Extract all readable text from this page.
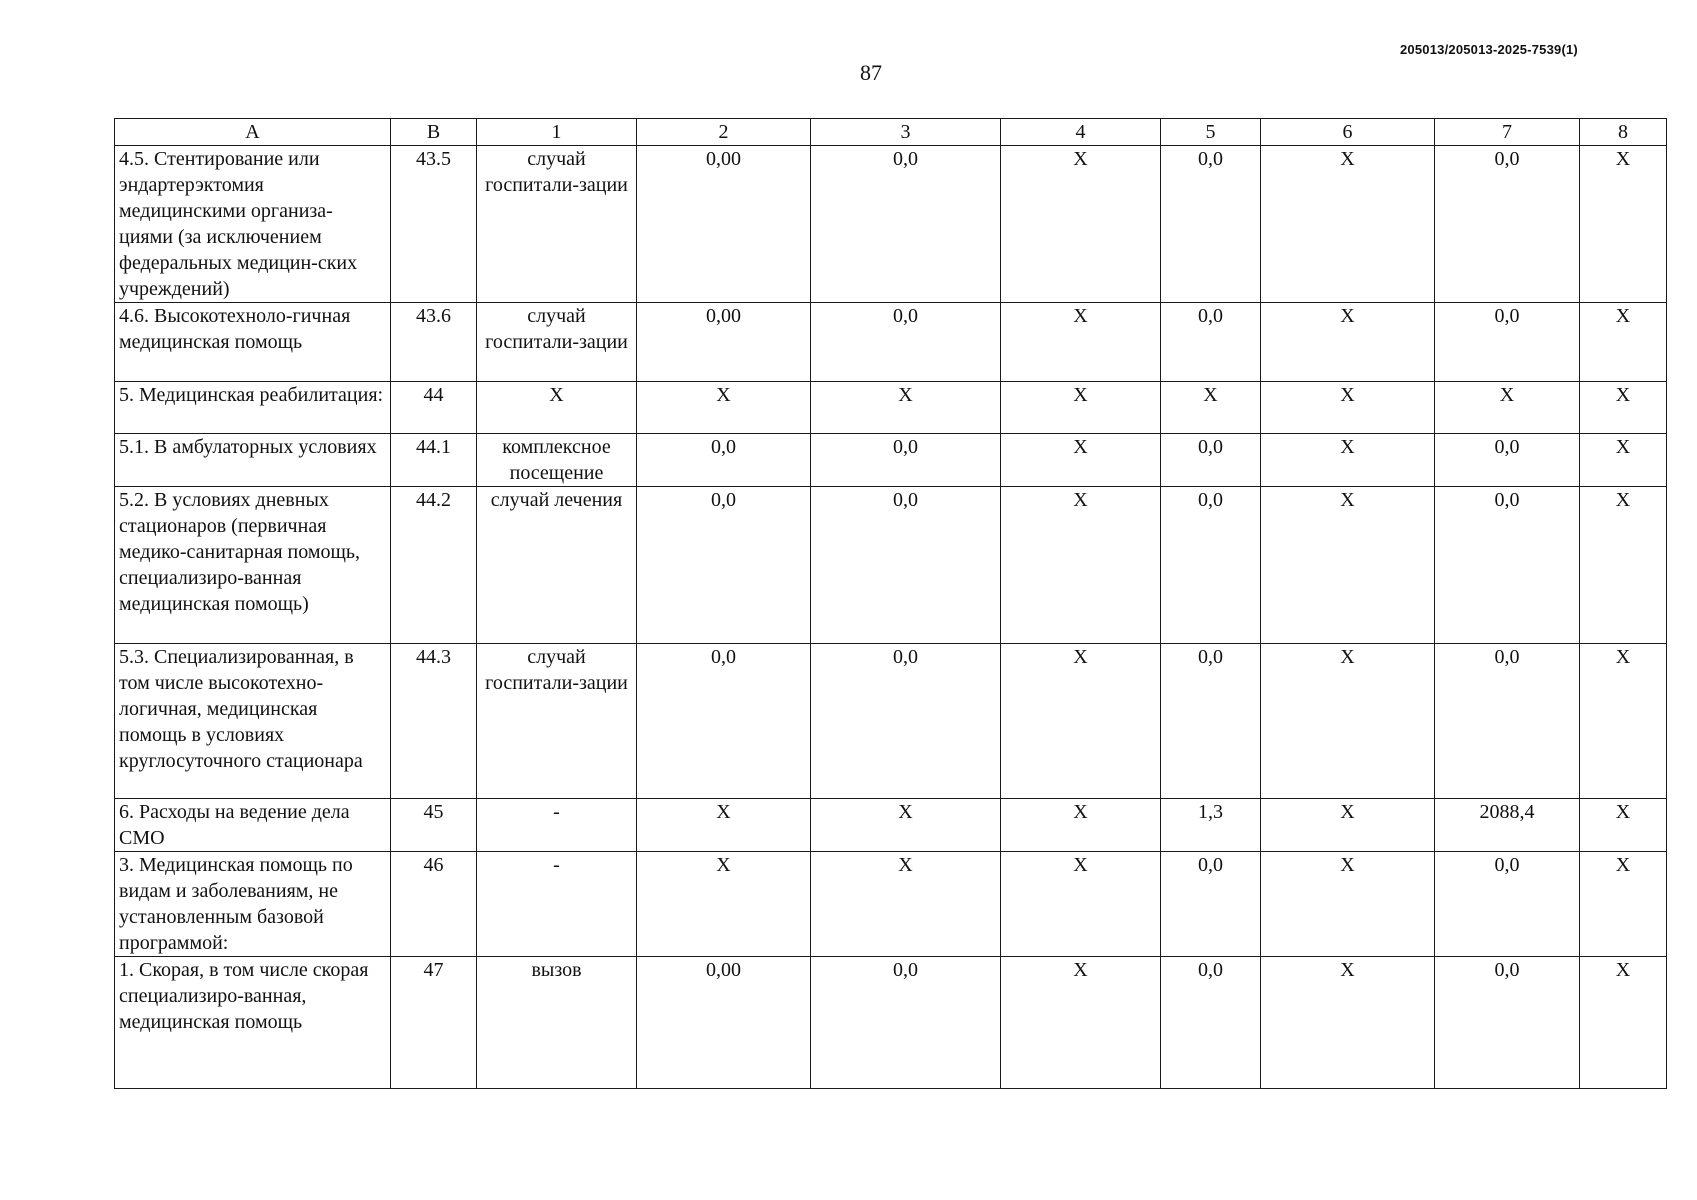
205013/205013-2025-7539(1)
87
А	В	1	2	3	4	5	6	7	8
4.5. Стентирование или эндартерэктомия медицинскими организа-циями (за исключением федеральных медицин-ских учреждений)	43.5	случай госпитали-зации	0,00	0,0	Х	0,0	Х	0,0	Х
4.6. Высокотехноло-гичная медицинская помощь	43.6	случай госпитали-зации	0,00	0,0	Х	0,0	Х	0,0	Х
5. Медицинская реабилитация:	44	Х	Х	Х	Х	Х	Х	Х	Х
5.1. В амбулаторных условиях	44.1	комплексное посещение	0,0	0,0	Х	0,0	Х	0,0	Х
5.2. В условиях дневных стационаров (первичная медико-санитарная помощь, специализиро-ванная медицинская помощь)	44.2	случай лечения	0,0	0,0	Х	0,0	Х	0,0	Х
5.3. Специализированная, в том числе высокотехно-логичная, медицинская помощь в условиях круглосуточного стационара	44.3	случай госпитали-зации	0,0	0,0	Х	0,0	Х	0,0	Х
6. Расходы на ведение дела СМО	45	-	Х	Х	Х	1,3	Х	2088,4	Х
3. Медицинская помощь по видам и заболеваниям, не установленным базовой программой:	46	-	Х	Х	Х	0,0	Х	0,0	Х
1. Скорая, в том числе скорая специализиро-ванная, медицинская помощь	47	вызов	0,00	0,0	Х	0,0	Х	0,0	Х
